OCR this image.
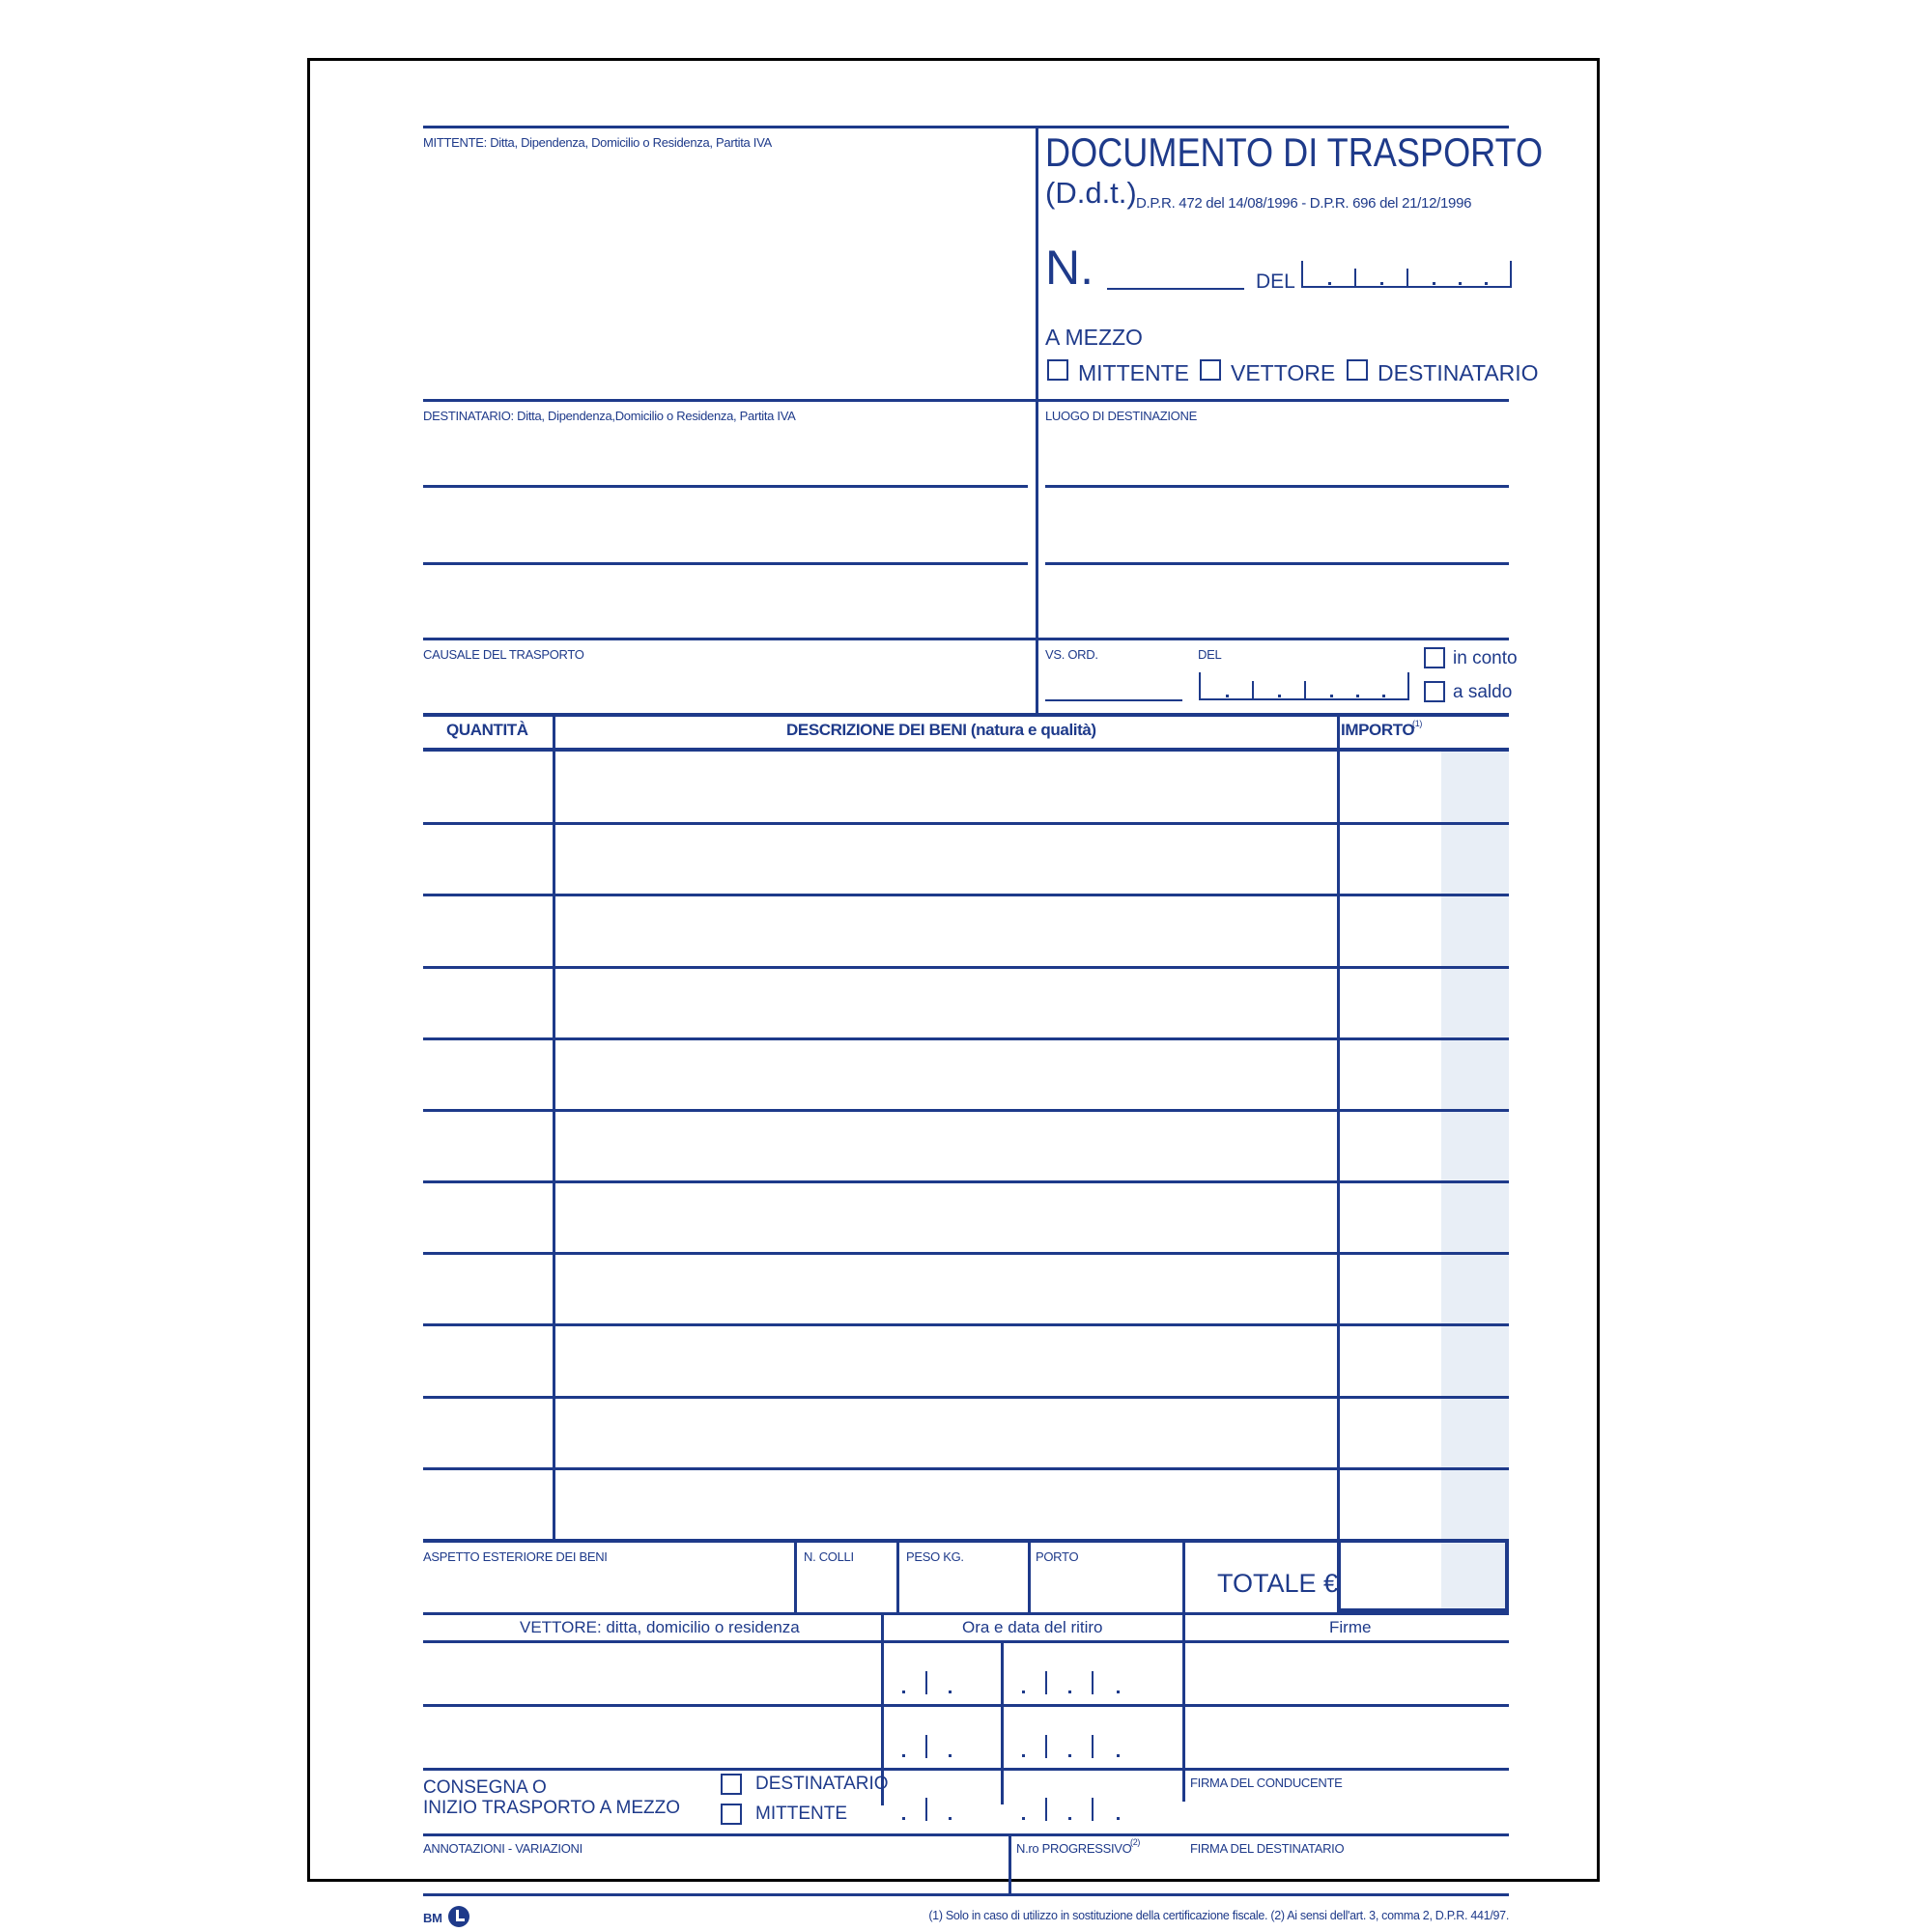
MITTENTE: Ditta, Dipendenza, Domicilio o Residenza, Partita IVA	DOCUMENTO DI TRASPORTO
(D.d.t.) D.P.R. 472 del 14/08/1996 - D.P.R. 696 del 21/12/1996
N.	DEL
A MEZZO
MITTENTE VETTORE DESTINATARIO
DESTINATARIO: Ditta, Dipendenza,Domicilio o Residenza, Partita IVA	LUOGO DI DESTINAZIONE
CAUSALE DEL TRASPORTO	VS. ORD.	DEL	in conto
a saldo
QUANTITÀ	DESCRIZIONE DEI BENI (natura e qualità)	IMPORTO
(1)
ASPETTO ESTERIORE DEI BENI	N. COLLI	PESO KG.	PORTO
TOTALE €
VETTORE: ditta, domicilio o residenza	Ora e data del ritiro	Firme
CONSEGNA O
INIZIO TRASPORTO A MEZZO
DESTINATARIO
MITTENTE
FIRMA DEL CONDUCENTE
ANNOTAZIONI - VARIAZIONI	N.ro PROGRESSIVO
(2)	FIRMA DEL DESTINATARIO
BM	(1) Solo in caso di utilizzo in sostituzione della certificazione fiscale. (2) Ai sensi dell'art. 3, comma 2, D.P.R. 441/97.
